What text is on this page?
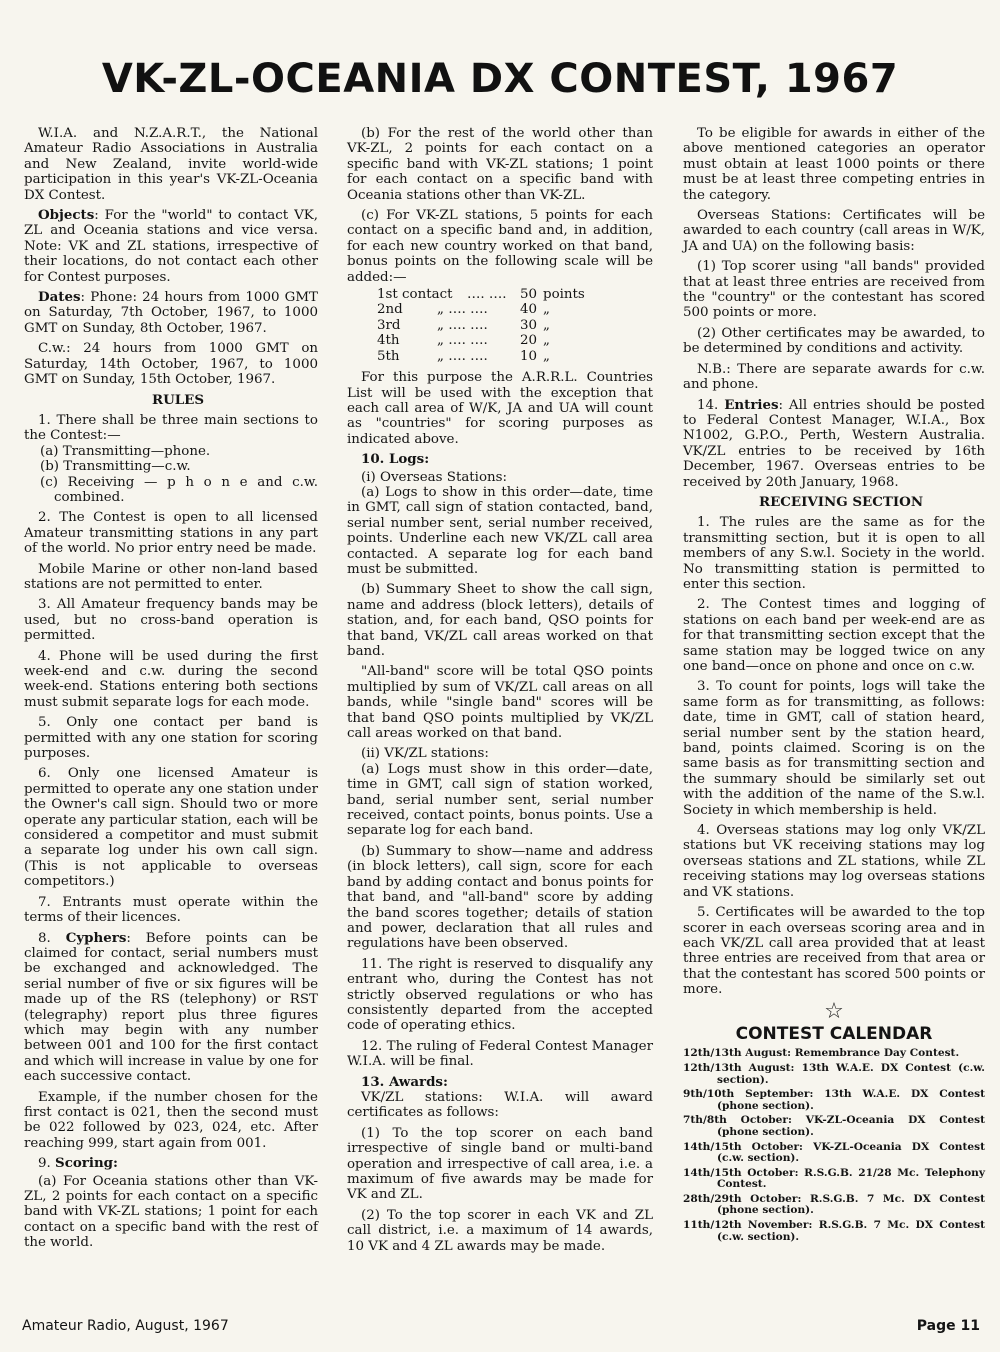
VK-ZL-OCEANIA DX CONTEST, 1967

W.I.A. and N.Z.A.R.T., the National Amateur Radio Associations in Australia and New Zealand, invite world-wide participation in this year's VK-ZL-Oceania DX Contest.

Objects: For the "world" to contact VK, ZL and Oceania stations and vice versa. Note: VK and ZL stations, irrespective of their locations, do not contact each other for Contest purposes.

Dates: Phone: 24 hours from 1000 GMT on Saturday, 7th October, 1967, to 1000 GMT on Sunday, 8th October, 1967.

C.w.: 24 hours from 1000 GMT on Saturday, 14th October, 1967, to 1000 GMT on Sunday, 15th October, 1967.

RULES

1. There shall be three main sections to the Contest:—

(a) Transmitting—phone.

(b) Transmitting—c.w.

(c) Receiving — p h o n e and c.w. combined.

2. The Contest is open to all licensed Amateur transmitting stations in any part of the world. No prior entry need be made.

Mobile Marine or other non-land based stations are not permitted to enter.

3. All Amateur frequency bands may be used, but no cross-band operation is permitted.

4. Phone will be used during the first week-end and c.w. during the second week-end. Stations entering both sections must submit separate logs for each mode.

5. Only one contact per band is permitted with any one station for scoring purposes.

6. Only one licensed Amateur is permitted to operate any one station under the Owner's call sign. Should two or more operate any particular station, each will be considered a competitor and must submit a separate log under his own call sign. (This is not applicable to overseas competitors.)

7. Entrants must operate within the terms of their licences.

8. Cyphers: Before points can be claimed for contact, serial numbers must be exchanged and acknowledged. The serial number of five or six figures will be made up of the RS (telephony) or RST (telegraphy) report plus three figures which may begin with any number between 001 and 100 for the first contact and which will increase in value by one for each successive contact.

Example, if the number chosen for the first contact is 021, then the second must be 022 followed by 023, 024, etc. After reaching 999, start again from 001.

9. Scoring:

(a) For Oceania stations other than VK-ZL, 2 points for each contact on a specific band with VK-ZL stations; 1 point for each contact on a specific band with the rest of the world.

(b) For the rest of the world other than VK-ZL, 2 points for each contact on a specific band with VK-ZL stations; 1 point for each contact on a specific band with Oceania stations other than VK-ZL.

(c) For VK-ZL stations, 5 points for each contact on a specific band and, in addition, for each new country worked on that band, bonus points on the following scale will be added:—

1st contact	…. …. 50 points
2nd	„ …. ….	40 „
3rd	„ …. ….	30 „
4th	„ …. ….	20 „
5th	„ …. ….	10 „

For this purpose the A.R.R.L. Countries List will be used with the exception that each call area of W/K, JA and UA will count as "countries" for scoring purposes as indicated above.

10. Logs:

(i) Overseas Stations:

(a) Logs to show in this order—date, time in GMT, call sign of station contacted, band, serial number sent, serial number received, points. Underline each new VK/ZL call area contacted. A separate log for each band must be submitted.

(b) Summary Sheet to show the call sign, name and address (block letters), details of station, and, for each band, QSO points for that band, VK/ZL call areas worked on that band.

"All-band" score will be total QSO points multiplied by sum of VK/ZL call areas on all bands, while "single band" scores will be that band QSO points multiplied by VK/ZL call areas worked on that band.

(ii) VK/ZL stations:

(a) Logs must show in this order—date, time in GMT, call sign of station worked, band, serial number sent, serial number received, contact points, bonus points. Use a separate log for each band.

(b) Summary to show—name and address (in block letters), call sign, score for each band by adding contact and bonus points for that band, and "all-band" score by adding the band scores together; details of station and power, declaration that all rules and regulations have been observed.

11. The right is reserved to disqualify any entrant who, during the Contest has not strictly observed regulations or who has consistently departed from the accepted code of operating ethics.

12. The ruling of Federal Contest Manager W.I.A. will be final.

13. Awards:

VK/ZL stations: W.I.A. will award certificates as follows:

(1) To the top scorer on each band irrespective of single band or multi-band operation and irrespective of call area, i.e. a maximum of five awards may be made for VK and ZL.

(2) To the top scorer in each VK and ZL call district, i.e. a maximum of 14 awards, 10 VK and 4 ZL awards may be made.

To be eligible for awards in either of the above mentioned categories an operator must obtain at least 1000 points or there must be at least three competing entries in the category.

Overseas Stations: Certificates will be awarded to each country (call areas in W/K, JA and UA) on the following basis:

(1) Top scorer using "all bands" provided that at least three entries are received from the "country" or the contestant has scored 500 points or more.

(2) Other certificates may be awarded, to be determined by conditions and activity.

N.B.: There are separate awards for c.w. and phone.

14. Entries: All entries should be posted to Federal Contest Manager, W.I.A., Box N1002, G.P.O., Perth, Western Australia. VK/ZL entries to be received by 16th December, 1967. Overseas entries to be received by 20th January, 1968.

RECEIVING SECTION

1. The rules are the same as for the transmitting section, but it is open to all members of any S.w.l. Society in the world. No transmitting station is permitted to enter this section.

2. The Contest times and logging of stations on each band per week-end are as for that transmitting section except that the same station may be logged twice on any one band—once on phone and once on c.w.

3. To count for points, logs will take the same form as for transmitting, as follows: date, time in GMT, call of station heard, serial number sent by the station heard, band, points claimed. Scoring is on the same basis as for transmitting section and the summary should be similarly set out with the addition of the name of the S.w.l. Society in which membership is held.

4. Overseas stations may log only VK/ZL stations but VK receiving stations may log overseas stations and ZL stations, while ZL receiving stations may log overseas stations and VK stations.

5. Certificates will be awarded to the top scorer in each overseas scoring area and in each VK/ZL call area provided that at least three entries are received from that area or that the contestant has scored 500 points or more.

☆
CONTEST CALENDAR
12th/13th August: Remembrance Day Contest.
12th/13th August: 13th W.A.E. DX Contest (c.w. section).
9th/10th September: 13th W.A.E. DX Contest (phone section).
7th/8th October: VK-ZL-Oceania DX Contest (phone section).
14th/15th October: VK-ZL-Oceania DX Contest (c.w. section).
14th/15th October: R.S.G.B. 21/28 Mc. Telephony Contest.
28th/29th October: R.S.G.B. 7 Mc. DX Contest (phone section).
11th/12th November: R.S.G.B. 7 Mc. DX Contest (c.w. section).
Amateur Radio, August, 1967	Page 11
